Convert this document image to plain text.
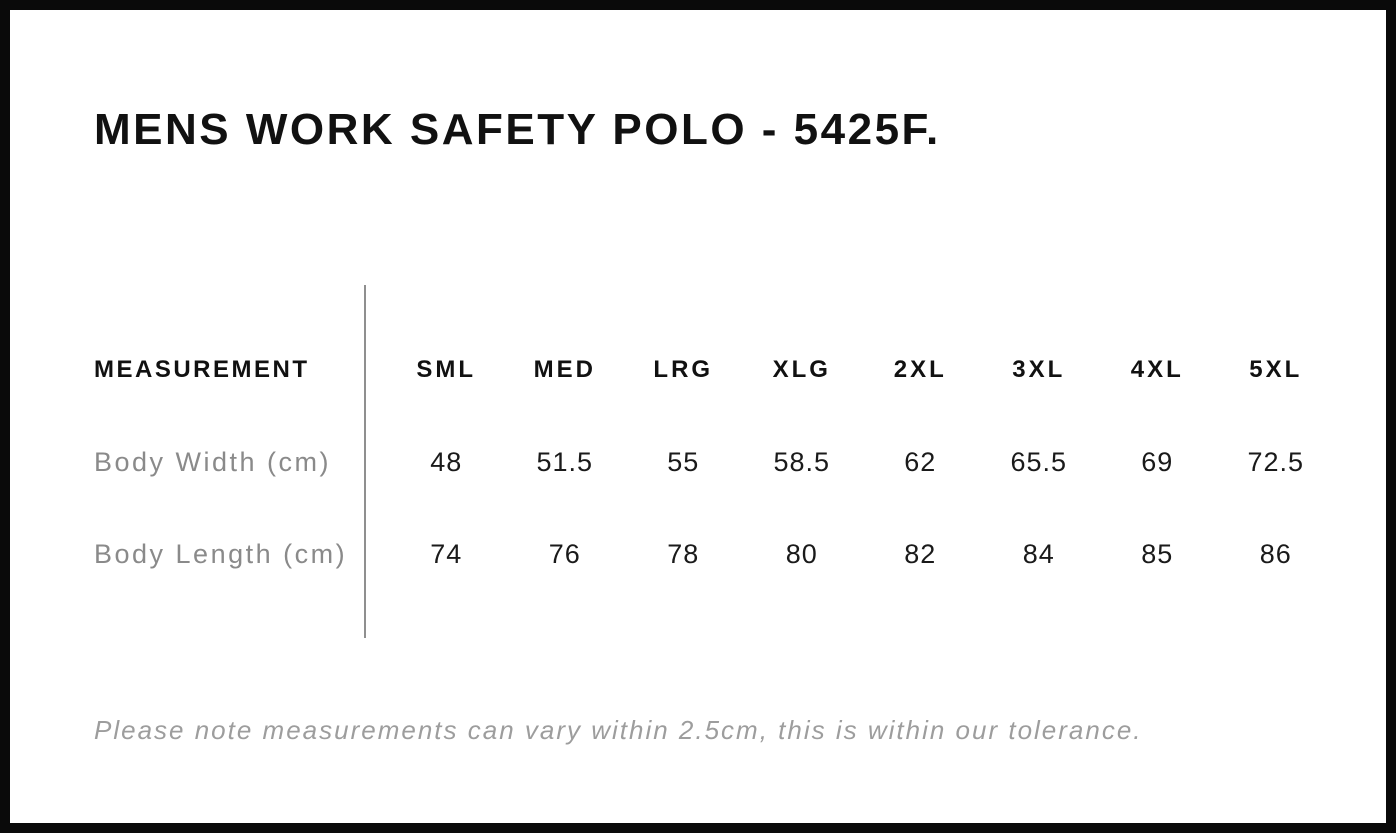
MENS WORK SAFETY POLO - 5425F.
MEASUREMENT	SML	MED	LRG	XLG	2XL	3XL	4XL	5XL
Body Width (cm)	48	51.5	55	58.5	62	65.5	69	72.5
Body Length (cm)	74	76	78	80	82	84	85	86

Please note measurements can vary within 2.5cm, this is within our tolerance.
